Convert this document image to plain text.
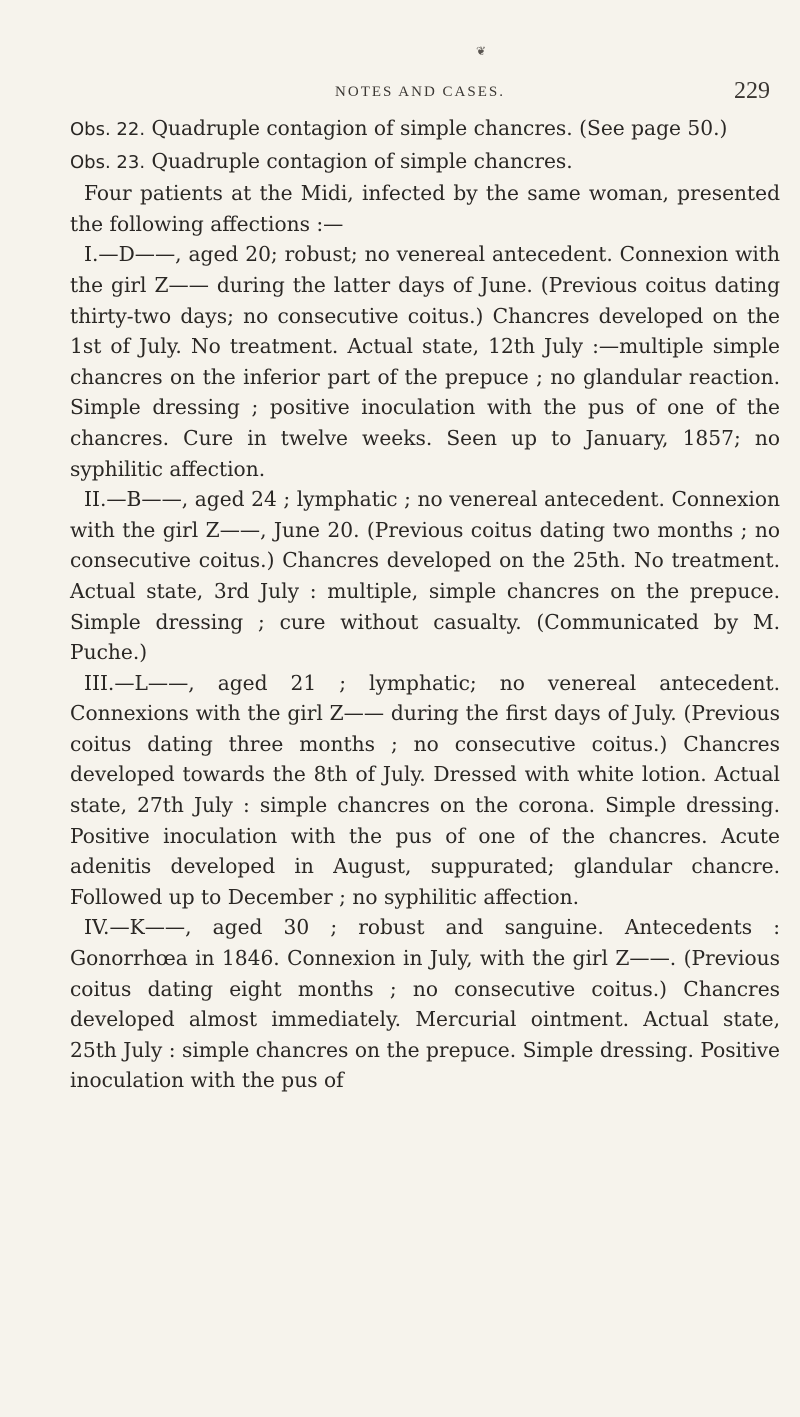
❦
NOTES AND CASES.	229

Obs. 22. Quadruple contagion of simple chancres. (See page 50.)

Obs. 23. Quadruple contagion of simple chancres.

Four patients at the Midi, infected by the same woman, presented the following affections :—

I.—D——, aged 20; robust; no venereal antecedent. Connexion with the girl Z—— during the latter days of June. (Previous coitus dating thirty-two days; no consecutive coitus.) Chancres developed on the 1st of July. No treatment. Actual state, 12th July :—multiple simple chancres on the inferior part of the prepuce ; no glandular reaction. Simple dressing ; positive inoculation with the pus of one of the chancres. Cure in twelve weeks. Seen up to January, 1857; no syphilitic affection.

II.—B——, aged 24 ; lymphatic ; no venereal antecedent. Connexion with the girl Z——, June 20. (Previous coitus dating two months ; no consecutive coitus.) Chancres developed on the 25th. No treatment. Actual state, 3rd July : multiple, simple chancres on the prepuce. Simple dressing ; cure without casualty. (Communicated by M. Puche.)

III.—L——, aged 21 ; lymphatic; no venereal antecedent. Connexions with the girl Z—— during the first days of July. (Previous coitus dating three months ; no consecutive coitus.) Chancres developed towards the 8th of July. Dressed with white lotion. Actual state, 27th July : simple chancres on the corona. Simple dressing. Positive inoculation with the pus of one of the chancres. Acute adenitis developed in August, suppurated; glandular chancre. Followed up to December ; no syphilitic affection.

IV.—K——, aged 30 ; robust and sanguine. Antecedents : Gonorrhœa in 1846. Connexion in July, with the girl Z——. (Previous coitus dating eight months ; no consecutive coitus.) Chancres developed almost immediately. Mercurial ointment. Actual state, 25th July : simple chancres on the prepuce. Simple dressing. Positive inoculation with the pus of
